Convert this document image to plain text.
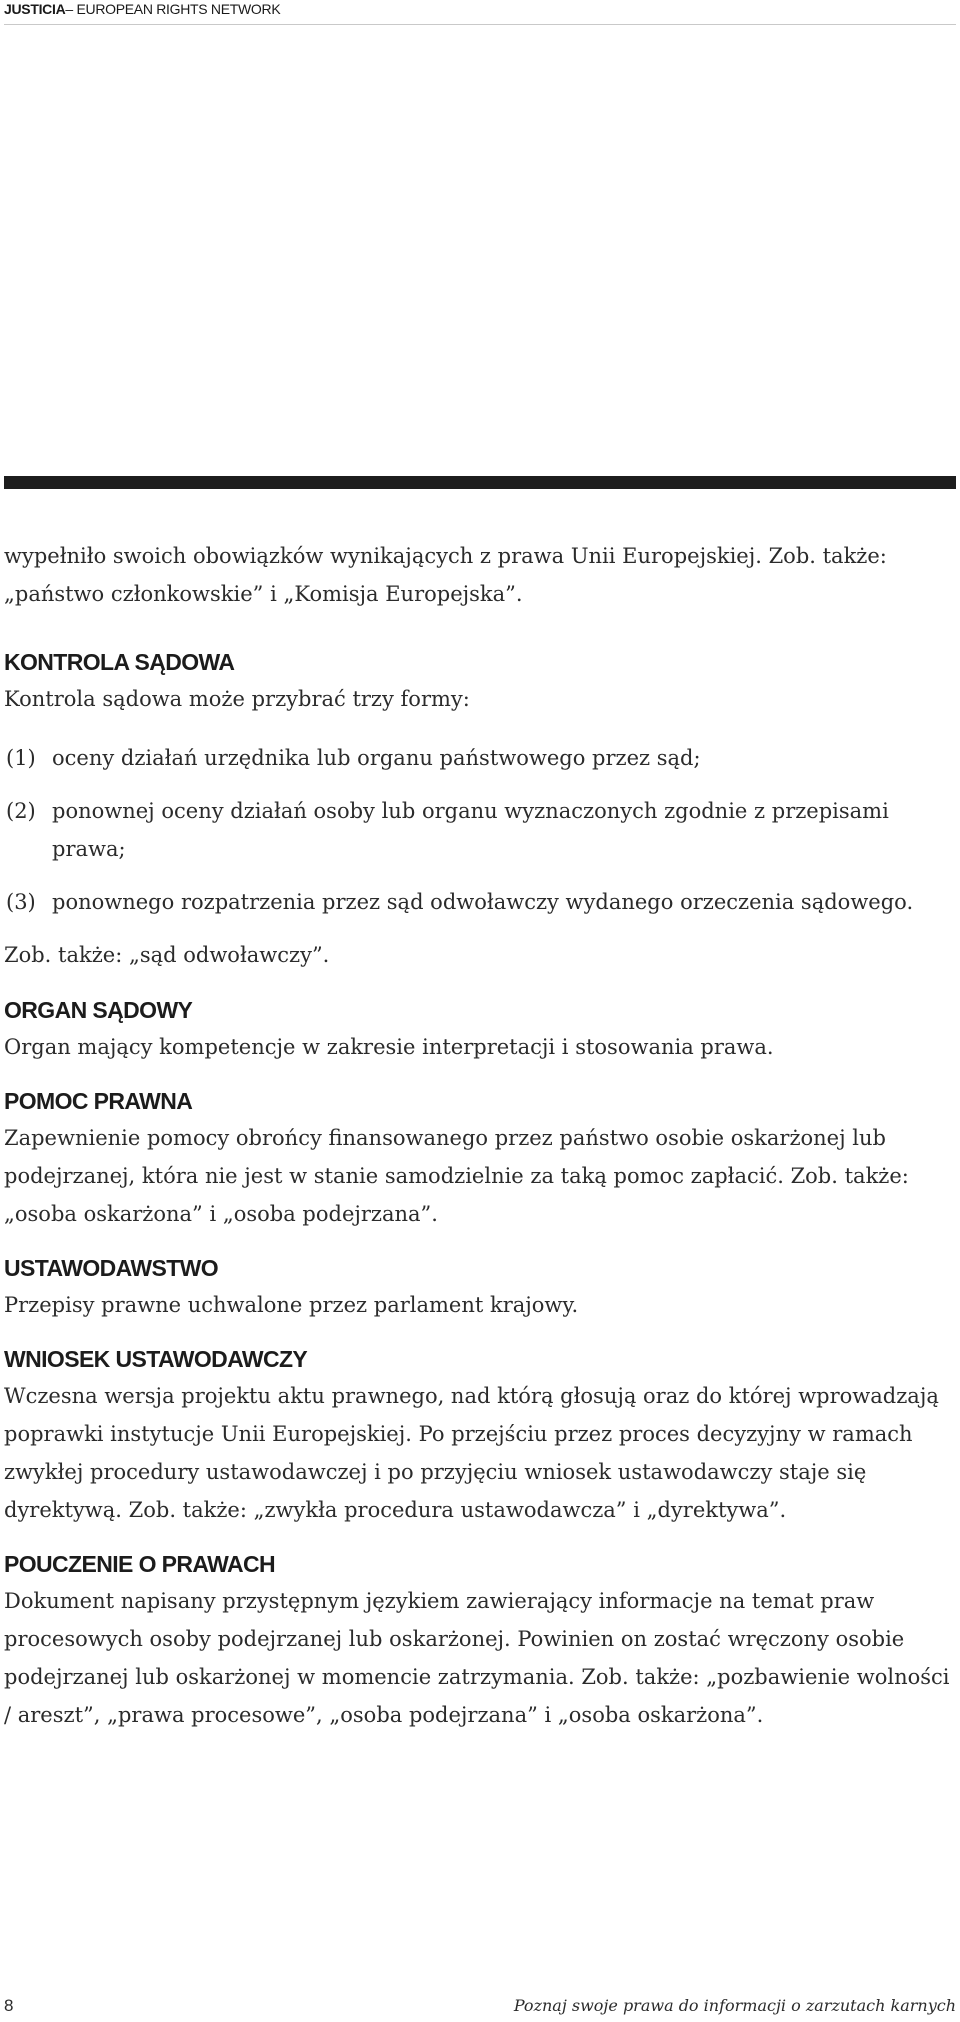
JUSTICIA– EUROPEAN RIGHTS NETWORK

wypełniło swoich obowiązków wynikających z prawa Unii Europejskiej. Zob. także: „państwo członkowskie” i „Komisja Europejska”.

KONTROLA SĄDOWA

Kontrola sądowa może przybrać trzy formy:

(1) oceny działań urzędnika lub organu państwowego przez sąd;
(2) ponownej oceny działań osoby lub organu wyznaczonych zgodnie z przepisami prawa;
(3) ponownego rozpatrzenia przez sąd odwoławczy wydanego orzeczenia sądowego.

Zob. także: „sąd odwoławczy”.

ORGAN SĄDOWY

Organ mający kompetencje w zakresie interpretacji i stosowania prawa.

POMOC PRAWNA

Zapewnienie pomocy obrońcy finansowanego przez państwo osobie oskarżonej lub podejrzanej, która nie jest w stanie samodzielnie za taką pomoc zapłacić. Zob. także: „osoba oskarżona” i „osoba podejrzana”.

USTAWODAWSTWO

Przepisy prawne uchwalone przez parlament krajowy.

WNIOSEK USTAWODAWCZY

Wczesna wersja projektu aktu prawnego, nad którą głosują oraz do której wprowadzają poprawki instytucje Unii Europejskiej. Po przejściu przez proces decyzyjny w ramach zwykłej procedury ustawodawczej i po przyjęciu wniosek ustawodawczy staje się dyrektywą. Zob. także: „zwykła procedura ustawodawcza” i „dyrektywa”.

POUCZENIE O PRAWACH

Dokument napisany przystępnym językiem zawierający informacje na temat praw procesowych osoby podejrzanej lub oskarżonej. Powinien on zostać wręczony osobie podejrzanej lub oskarżonej w momencie zatrzymania. Zob. także: „pozbawienie wolności / areszt”, „prawa procesowe”, „osoba podejrzana” i „osoba oskarżona”.

8	Poznaj swoje prawa do informacji o zarzutach karnych
